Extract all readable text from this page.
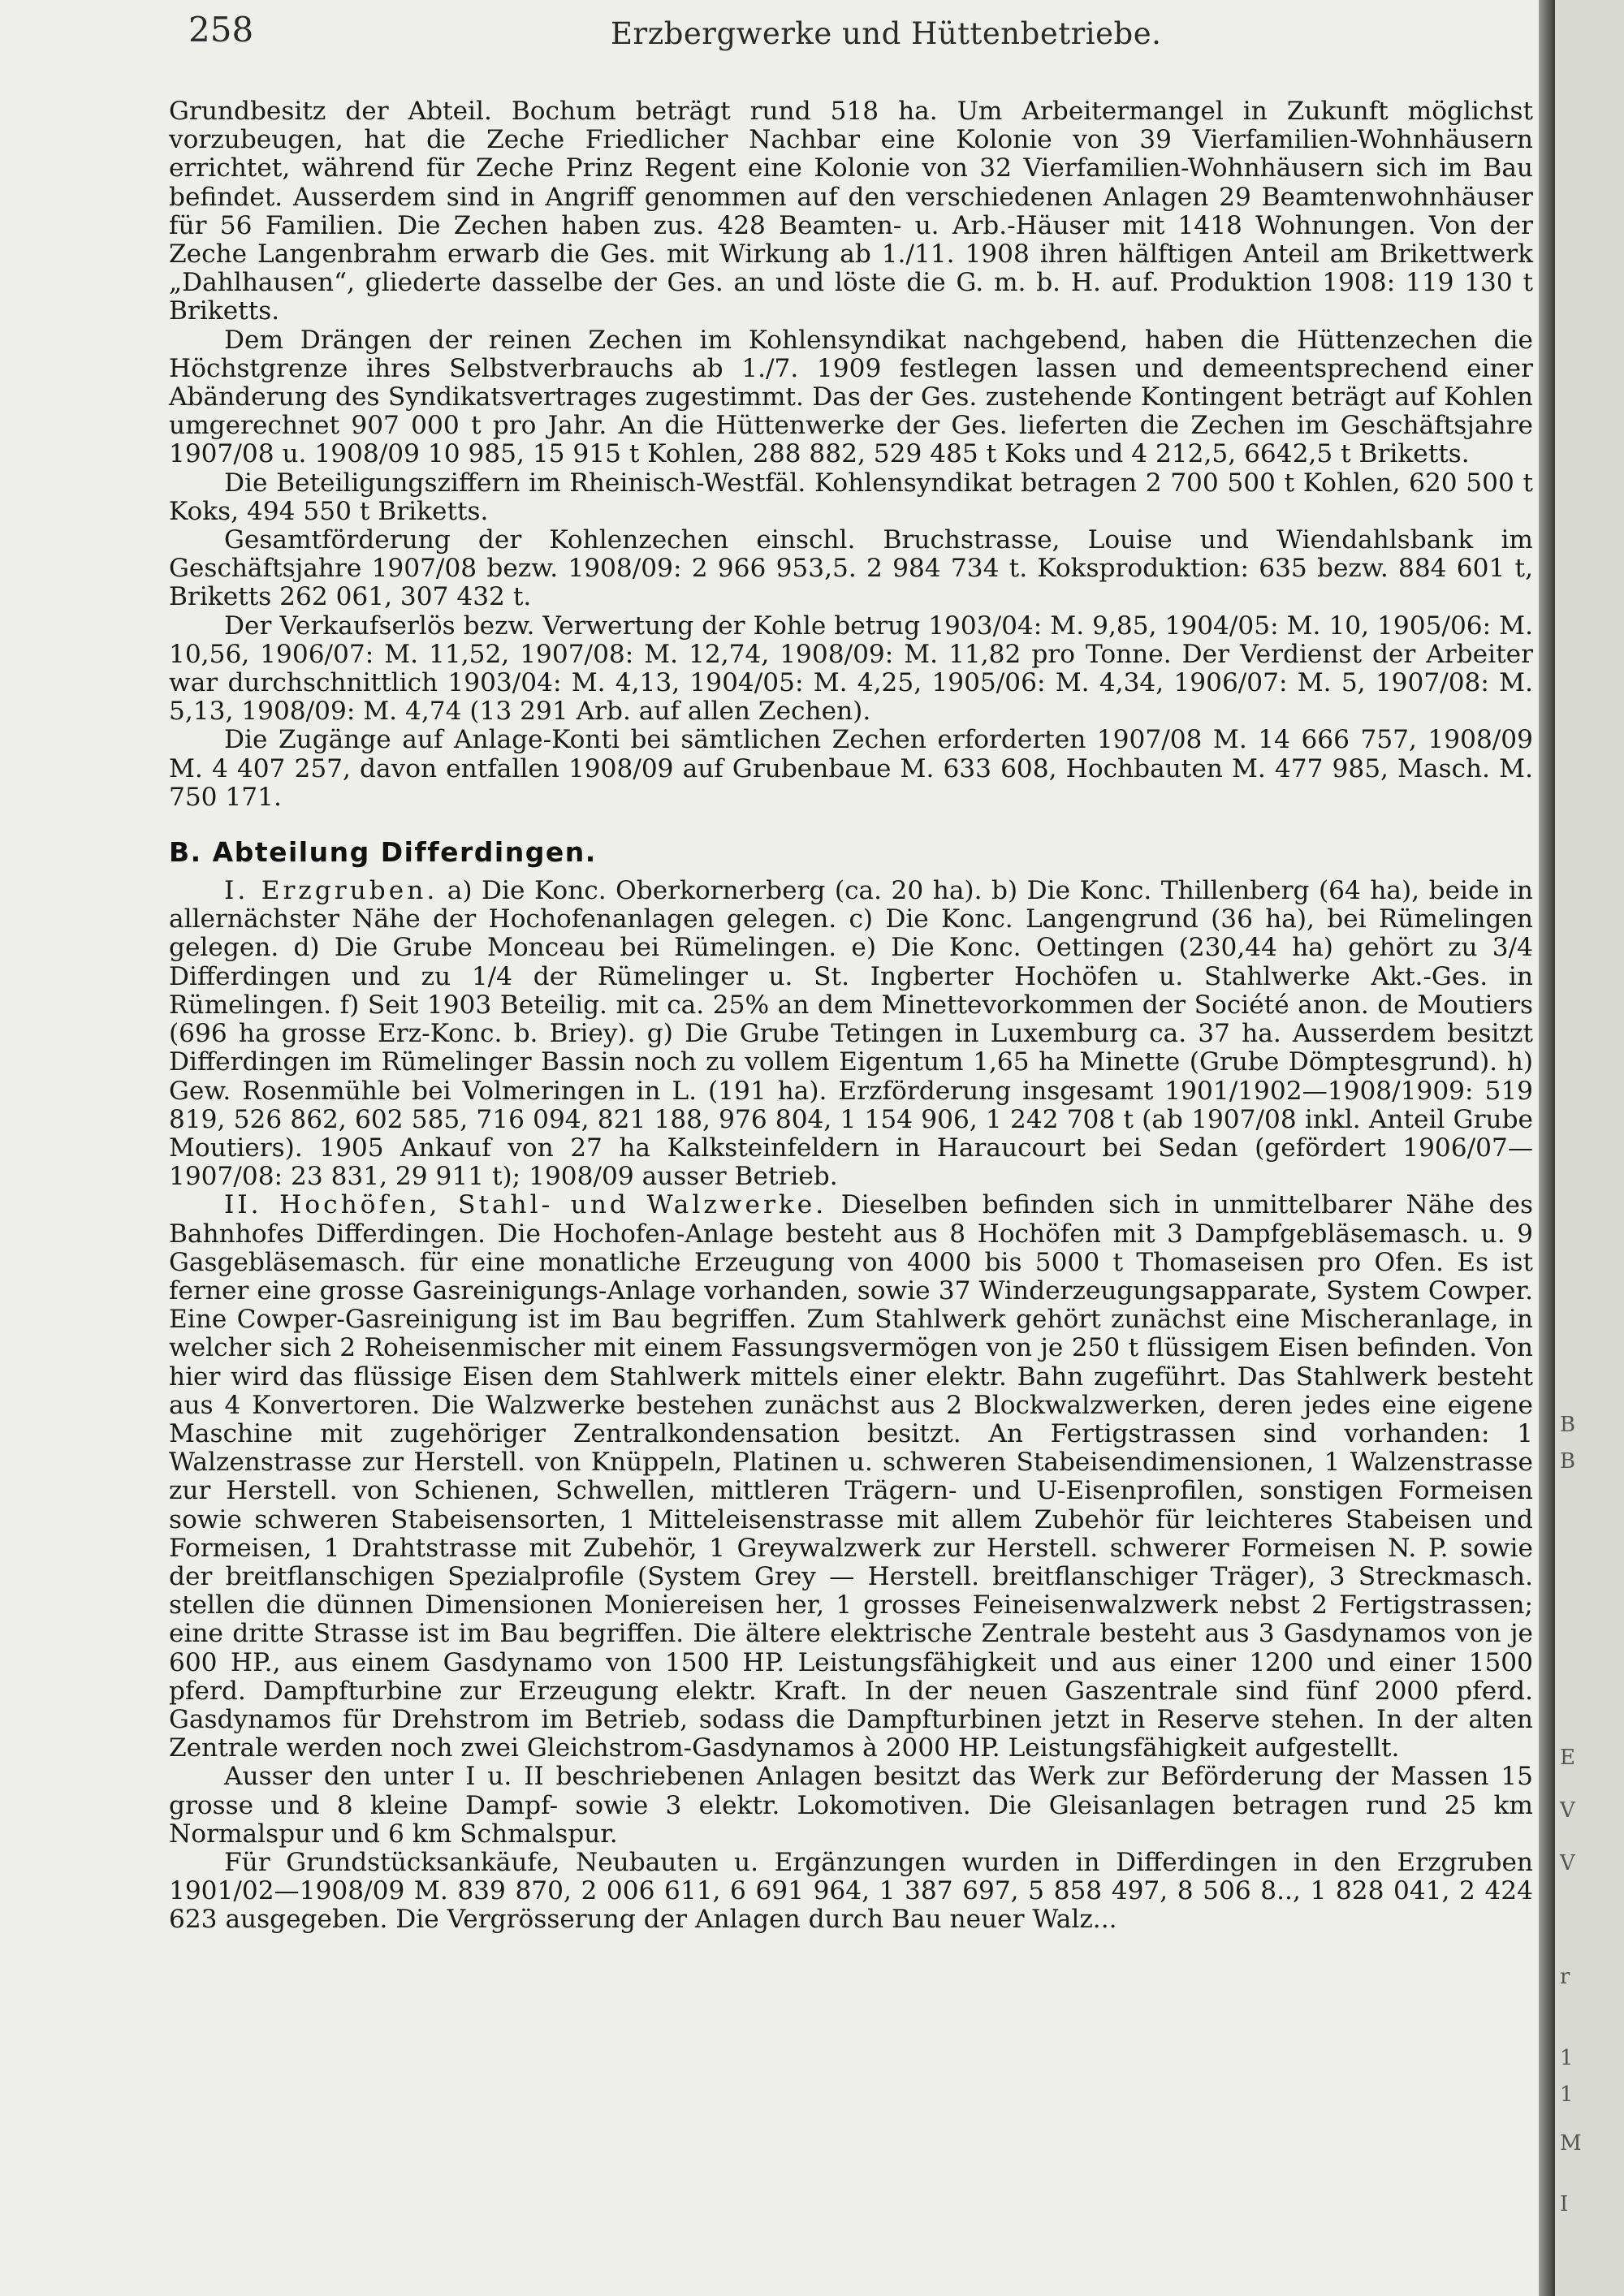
258	Erzbergwerke und Hüttenbetriebe.

Grundbesitz der Abteil. Bochum beträgt rund 518 ha. Um Arbeitermangel in Zukunft möglichst vorzubeugen, hat die Zeche Friedlicher Nachbar eine Kolonie von 39 Vierfamilien-Wohnhäusern errichtet, während für Zeche Prinz Regent eine Kolonie von 32 Vierfamilien-Wohnhäusern sich im Bau befindet. Ausserdem sind in Angriff genommen auf den verschiedenen Anlagen 29 Beamtenwohnhäuser für 56 Familien. Die Zechen haben zus. 428 Beamten- u. Arb.-Häuser mit 1418 Wohnungen. Von der Zeche Langenbrahm erwarb die Ges. mit Wirkung ab 1./11. 1908 ihren hälftigen Anteil am Brikettwerk „Dahlhausen“, gliederte dasselbe der Ges. an und löste die G. m. b. H. auf. Produktion 1908: 119 130 t Briketts.

Dem Drängen der reinen Zechen im Kohlensyndikat nachgebend, haben die Hüttenzechen die Höchstgrenze ihres Selbstverbrauchs ab 1./7. 1909 festlegen lassen und demeentsprechend einer Abänderung des Syndikatsvertrages zugestimmt. Das der Ges. zustehende Kontingent beträgt auf Kohlen umgerechnet 907 000 t pro Jahr. An die Hüttenwerke der Ges. lieferten die Zechen im Geschäftsjahre 1907/08 u. 1908/09 10 985, 15 915 t Kohlen, 288 882, 529 485 t Koks und 4 212,5, 6642,5 t Briketts.

Die Beteiligungsziffern im Rheinisch-Westfäl. Kohlensyndikat betragen 2 700 500 t Kohlen, 620 500 t Koks, 494 550 t Briketts.

Gesamtförderung der Kohlenzechen einschl. Bruchstrasse, Louise und Wiendahlsbank im Geschäftsjahre 1907/08 bezw. 1908/09: 2 966 953,5. 2 984 734 t. Koksproduktion: 635 bezw. 884 601 t, Briketts 262 061, 307 432 t.

Der Verkaufserlös bezw. Verwertung der Kohle betrug 1903/04: M. 9,85, 1904/05: M. 10, 1905/06: M. 10,56, 1906/07: M. 11,52, 1907/08: M. 12,74, 1908/09: M. 11,82 pro Tonne. Der Verdienst der Arbeiter war durchschnittlich 1903/04: M. 4,13, 1904/05: M. 4,25, 1905/06: M. 4,34, 1906/07: M. 5, 1907/08: M. 5,13, 1908/09: M. 4,74 (13 291 Arb. auf allen Zechen).

Die Zugänge auf Anlage-Konti bei sämtlichen Zechen erforderten 1907/08 M. 14 666 757, 1908/09 M. 4 407 257, davon entfallen 1908/09 auf Grubenbaue M. 633 608, Hochbauten M. 477 985, Masch. M. 750 171.

B. Abteilung Differdingen.

I. Erzgruben. a) Die Konc. Oberkornerberg (ca. 20 ha). b) Die Konc. Thillenberg (64 ha), beide in allernächster Nähe der Hochofenanlagen gelegen. c) Die Konc. Langengrund (36 ha), bei Rümelingen gelegen. d) Die Grube Monceau bei Rümelingen. e) Die Konc. Oettingen (230,44 ha) gehört zu 3/4 Differdingen und zu 1/4 der Rümelinger u. St. Ingberter Hochöfen u. Stahlwerke Akt.-Ges. in Rümelingen. f) Seit 1903 Beteilig. mit ca. 25% an dem Minettevorkommen der Société anon. de Moutiers (696 ha grosse Erz-Konc. b. Briey). g) Die Grube Tetingen in Luxemburg ca. 37 ha. Ausserdem besitzt Differdingen im Rümelinger Bassin noch zu vollem Eigentum 1,65 ha Minette (Grube Dömptesgrund). h) Gew. Rosenmühle bei Volmeringen in L. (191 ha). Erzförderung insgesamt 1901/1902—1908/1909: 519 819, 526 862, 602 585, 716 094, 821 188, 976 804, 1 154 906, 1 242 708 t (ab 1907/08 inkl. Anteil Grube Moutiers). 1905 Ankauf von 27 ha Kalksteinfeldern in Haraucourt bei Sedan (gefördert 1906/07—1907/08: 23 831, 29 911 t); 1908/09 ausser Betrieb.

II. Hochöfen, Stahl- und Walzwerke. Dieselben befinden sich in unmittelbarer Nähe des Bahnhofes Differdingen. Die Hochofen-Anlage besteht aus 8 Hochöfen mit 3 Dampfgebläsemasch. u. 9 Gasgebläsemasch. für eine monatliche Erzeugung von 4000 bis 5000 t Thomaseisen pro Ofen. Es ist ferner eine grosse Gasreinigungs-Anlage vorhanden, sowie 37 Winderzeugungsapparate, System Cowper. Eine Cowper-Gasreinigung ist im Bau begriffen. Zum Stahlwerk gehört zunächst eine Mischeranlage, in welcher sich 2 Roheisenmischer mit einem Fassungsvermögen von je 250 t flüssigem Eisen befinden. Von hier wird das flüssige Eisen dem Stahlwerk mittels einer elektr. Bahn zugeführt. Das Stahlwerk besteht aus 4 Konvertoren. Die Walzwerke bestehen zunächst aus 2 Blockwalzwerken, deren jedes eine eigene Maschine mit zugehöriger Zentralkondensation besitzt. An Fertigstrassen sind vorhanden: 1 Walzenstrasse zur Herstell. von Knüppeln, Platinen u. schweren Stabeisendimensionen, 1 Walzenstrasse zur Herstell. von Schienen, Schwellen, mittleren Trägern- und U-Eisenprofilen, sonstigen Formeisen sowie schweren Stabeisensorten, 1 Mitteleisenstrasse mit allem Zubehör für leichteres Stabeisen und Formeisen, 1 Drahtstrasse mit Zubehör, 1 Greywalzwerk zur Herstell. schwerer Formeisen N. P. sowie der breitflanschigen Spezialprofile (System Grey — Herstell. breitflanschiger Träger), 3 Streckmasch. stellen die dünnen Dimensionen Moniereisen her, 1 grosses Feineisenwalzwerk nebst 2 Fertigstrassen; eine dritte Strasse ist im Bau begriffen. Die ältere elektrische Zentrale besteht aus 3 Gasdynamos von je 600 HP., aus einem Gasdynamo von 1500 HP. Leistungsfähigkeit und aus einer 1200 und einer 1500 pferd. Dampfturbine zur Erzeugung elektr. Kraft. In der neuen Gaszentrale sind fünf 2000 pferd. Gasdynamos für Drehstrom im Betrieb, sodass die Dampfturbinen jetzt in Reserve stehen. In der alten Zentrale werden noch zwei Gleichstrom-Gasdynamos à 2000 HP. Leistungsfähigkeit aufgestellt.

Ausser den unter I u. II beschriebenen Anlagen besitzt das Werk zur Beförderung der Massen 15 grosse und 8 kleine Dampf- sowie 3 elektr. Lokomotiven. Die Gleisanlagen betragen rund 25 km Normalspur und 6 km Schmalspur.

Für Grundstücksankäufe, Neubauten u. Ergänzungen wurden in Differdingen in den Erzgruben 1901/02—1908/09 M. 839 870, 2 006 611, 6 691 964, 1 387 697, 5 858 497, 8 506 8.., 1 828 041, 2 424 623 ausgegeben. Die Vergrösserung der Anlagen durch Bau neuer Walz...

B
B
E
V
V
r
1
1
M
I
